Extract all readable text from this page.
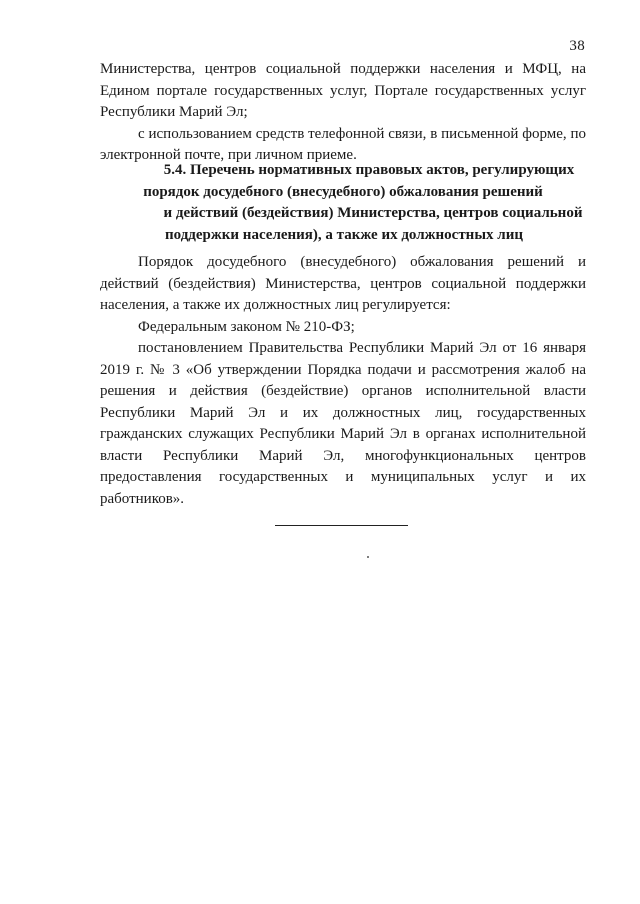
38

Министерства, центров социальной поддержки населения и МФЦ, на Едином портале государственных услуг, Портале государственных услуг Республики Марий Эл;

с использованием средств телефонной связи, в письменной форме, по электронной почте, при личном приеме.

5.4. Перечень нормативных правовых актов, регулирующих
порядок досудебного (внесудебного) обжалования решений
и действий (бездействия) Министерства, центров социальной
поддержки населения), а также их должностных лиц

Порядок досудебного (внесудебного) обжалования решений и действий (бездействия) Министерства, центров социальной поддержки населения, а также их должностных лиц регулируется:

Федеральным законом № 210-ФЗ;

постановлением Правительства Республики Марий Эл от 16 января 2019 г. № 3 «Об утверждении Порядка подачи и рассмотрения жалоб на решения и действия (бездействие) органов исполнительной власти Республики Марий Эл и их должностных лиц, государственных гражданских служащих Республики Марий Эл в органах исполнительной власти Республики Марий Эл, многофункциональных центров предоставления государственных и муниципальных услуг и их работников».
